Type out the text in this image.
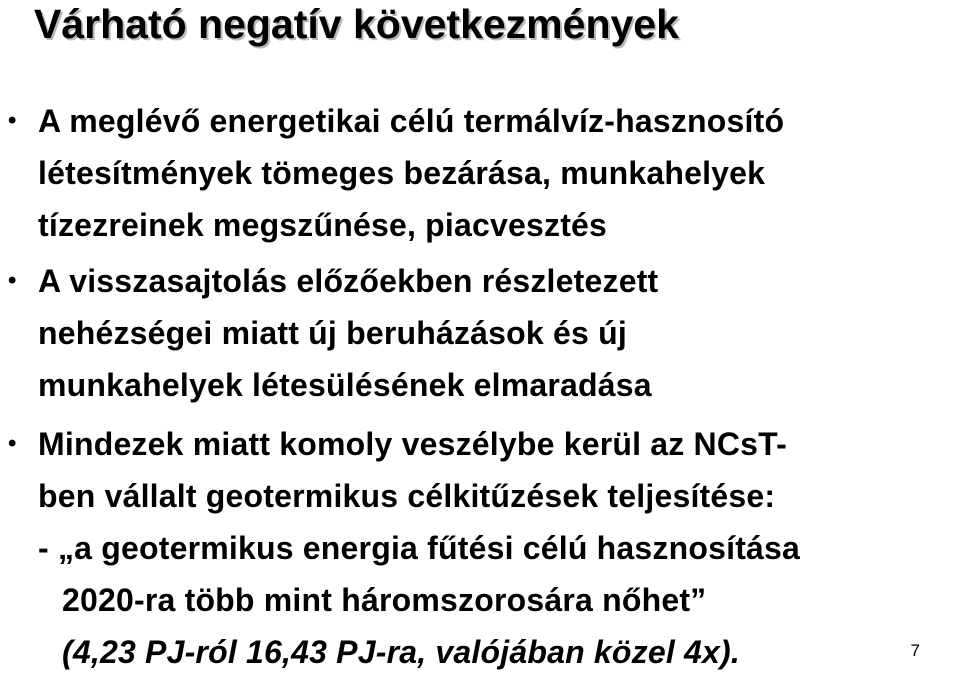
Várható negatív következmények
• A meglévő energetikai célú termálvíz-hasznosító
létesítmények tömeges bezárása, munkahelyek
tízezreinek megszűnése, piacvesztés
• A visszasajtolás előzőekben részletezett
nehézségei miatt új beruházások és új
munkahelyek létesülésének elmaradása
• Mindezek miatt komoly veszélybe kerül az NCsT-
ben vállalt geotermikus célkitűzések teljesítése:
- „a geotermikus energia fűtési célú hasznosítása
2020-ra több mint háromszorosára nőhet”
(4,23 PJ-ról 16,43 PJ-ra, valójában közel 4x).	7
